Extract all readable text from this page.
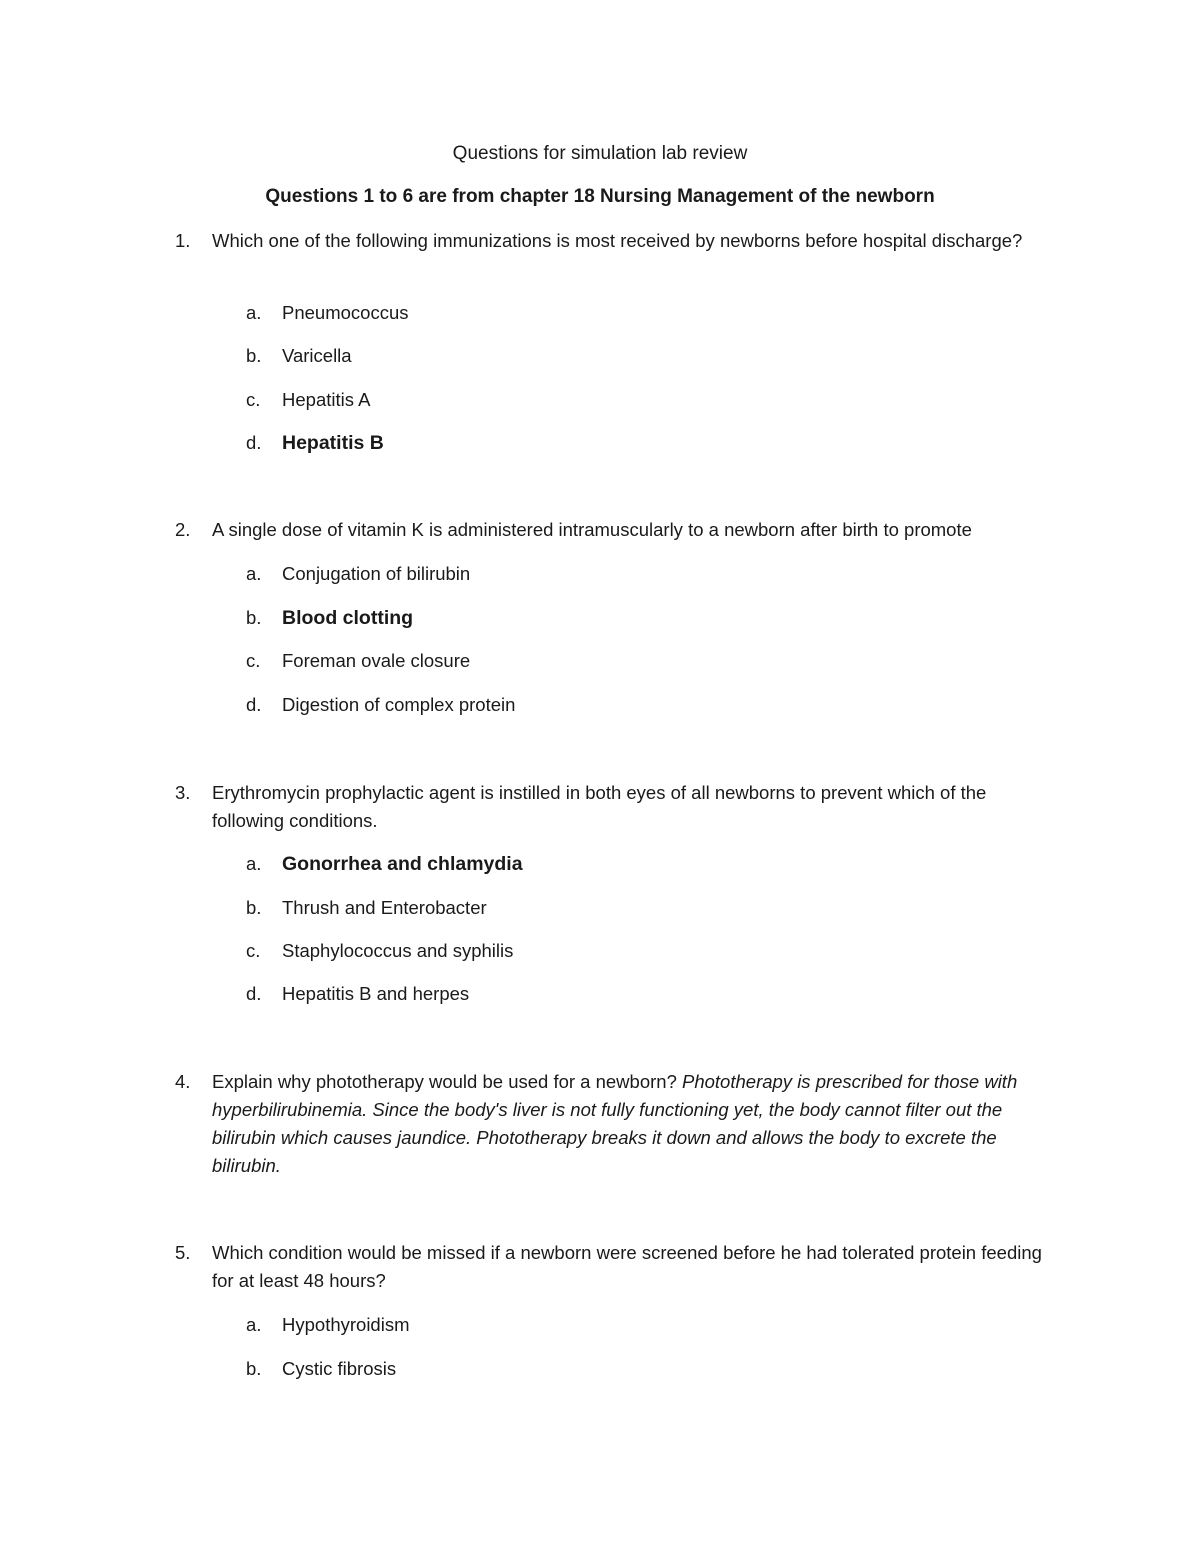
Questions for simulation lab review
Questions 1 to 6 are from chapter 18 Nursing Management of the newborn
1. Which one of the following immunizations is most received by newborns before hospital discharge?
a.	Pneumococcus
b.	Varicella
c.	Hepatitis A
d.	Hepatitis B
2. A single dose of vitamin K is administered intramuscularly to a newborn after birth to promote
a.	Conjugation of bilirubin
b.	Blood clotting
c.	Foreman ovale closure
d.	Digestion of complex protein
3. Erythromycin prophylactic agent is instilled in both eyes of all newborns to prevent which of the following conditions.
a.	Gonorrhea and chlamydia
b.	Thrush and Enterobacter
c.	Staphylococcus and syphilis
d.	Hepatitis B and herpes
4. Explain why phototherapy would be used for a newborn? Phototherapy is prescribed for those with hyperbilirubinemia. Since the body's liver is not fully functioning yet, the body cannot filter out the bilirubin which causes jaundice. Phototherapy breaks it down and allows the body to excrete the bilirubin.
5. Which condition would be missed if a newborn were screened before he had tolerated protein feeding for at least 48 hours?
a.	Hypothyroidism
b.	Cystic fibrosis
